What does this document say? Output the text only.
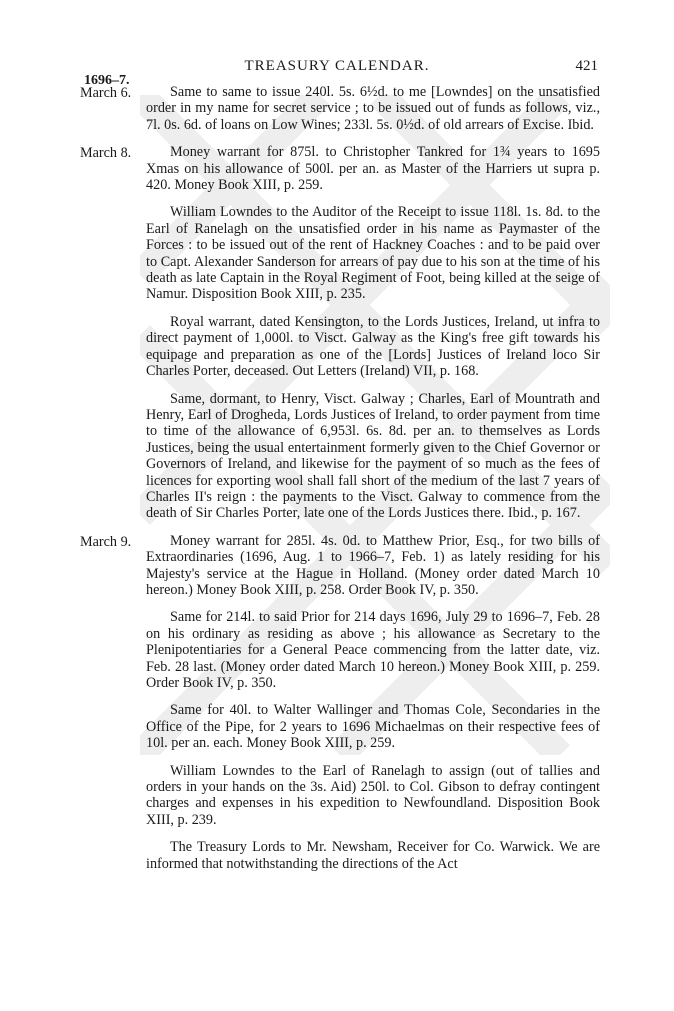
TREASURY CALENDAR.	421
1696–7.
March 6.	Same to same to issue 240l. 5s. 6½d. to me [Lowndes] on the unsatisfied order in my name for secret service ; to be issued out of funds as follows, viz., 7l. 0s. 6d. of loans on Low Wines; 233l. 5s. 0½d. of old arrears of Excise. Ibid.
March 8.	Money warrant for 875l. to Christopher Tankred for 1¾ years to 1695 Xmas on his allowance of 500l. per an. as Master of the Harriers ut supra p. 420. Money Book XIII, p. 259.
William Lowndes to the Auditor of the Receipt to issue 118l. 1s. 8d. to the Earl of Ranelagh on the unsatisfied order in his name as Paymaster of the Forces : to be issued out of the rent of Hackney Coaches : and to be paid over to Capt. Alexander Sanderson for arrears of pay due to his son at the time of his death as late Captain in the Royal Regiment of Foot, being killed at the seige of Namur. Disposition Book XIII, p. 235.
Royal warrant, dated Kensington, to the Lords Justices, Ireland, ut infra to direct payment of 1,000l. to Visct. Galway as the King's free gift towards his equipage and preparation as one of the [Lords] Justices of Ireland loco Sir Charles Porter, deceased. Out Letters (Ireland) VII, p. 168.
Same, dormant, to Henry, Visct. Galway ; Charles, Earl of Mountrath and Henry, Earl of Drogheda, Lords Justices of Ireland, to order payment from time to time of the allowance of 6,953l. 6s. 8d. per an. to themselves as Lords Justices, being the usual entertainment formerly given to the Chief Governor or Governors of Ireland, and likewise for the payment of so much as the fees of licences for exporting wool shall fall short of the medium of the last 7 years of Charles II's reign : the payments to the Visct. Galway to commence from the death of Sir Charles Porter, late one of the Lords Justices there. Ibid., p. 167.
March 9.	Money warrant for 285l. 4s. 0d. to Matthew Prior, Esq., for two bills of Extraordinaries (1696, Aug. 1 to 1966–7, Feb. 1) as lately residing for his Majesty's service at the Hague in Holland. (Money order dated March 10 hereon.) Money Book XIII, p. 258. Order Book IV, p. 350.
Same for 214l. to said Prior for 214 days 1696, July 29 to 1696–7, Feb. 28 on his ordinary as residing as above ; his allowance as Secretary to the Plenipotentiaries for a General Peace commencing from the latter date, viz. Feb. 28 last. (Money order dated March 10 hereon.) Money Book XIII, p. 259. Order Book IV, p. 350.
Same for 40l. to Walter Wallinger and Thomas Cole, Secondaries in the Office of the Pipe, for 2 years to 1696 Michaelmas on their respective fees of 10l. per an. each. Money Book XIII, p. 259.
William Lowndes to the Earl of Ranelagh to assign (out of tallies and orders in your hands on the 3s. Aid) 250l. to Col. Gibson to defray contingent charges and expenses in his expedition to Newfoundland. Disposition Book XIII, p. 239.
The Treasury Lords to Mr. Newsham, Receiver for Co. Warwick. We are informed that notwithstanding the directions of the Act
